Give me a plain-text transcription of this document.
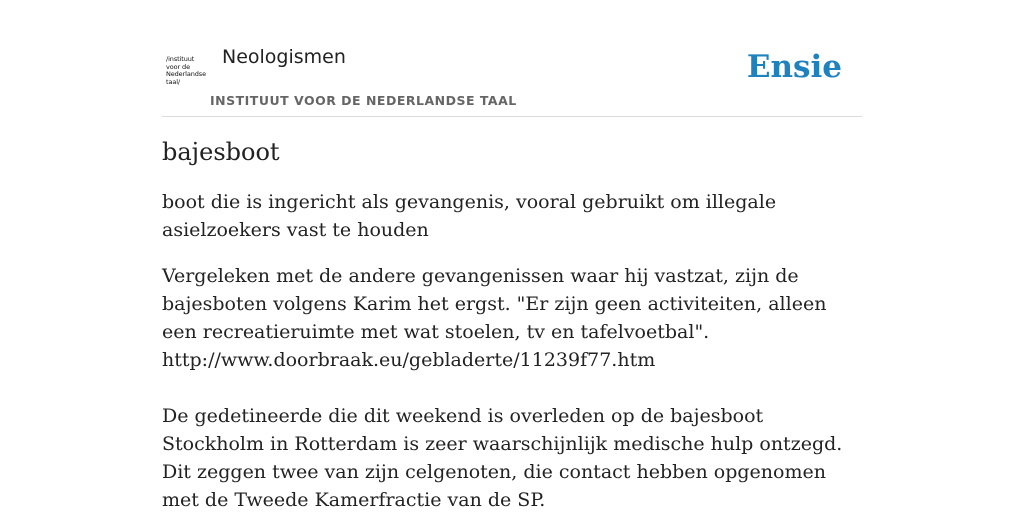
/instituut
voor de
Nederlandse
taal/
Neologismen
INSTITUUT VOOR DE NEDERLANDSE TAAL
Ensie
bajesboot

boot die is ingericht als gevangenis, vooral gebruikt om illegale asielzoekers vast te houden

Vergeleken met de andere gevangenissen waar hij vastzat, zijn de bajesboten volgens Karim het ergst. "Er zijn geen activiteiten, alleen een recreatieruimte met wat stoelen, tv en tafelvoetbal".
http://www.doorbraak.eu/gebladerte/11239f77.htm
De gedetineerde die dit weekend is overleden op de bajesboot Stockholm in Rotterdam is zeer waarschijnlijk medische hulp ontzegd. Dit zeggen twee van zijn celgenoten, die contact hebben opgenomen met de Tweede Kamerfractie van de SP.
